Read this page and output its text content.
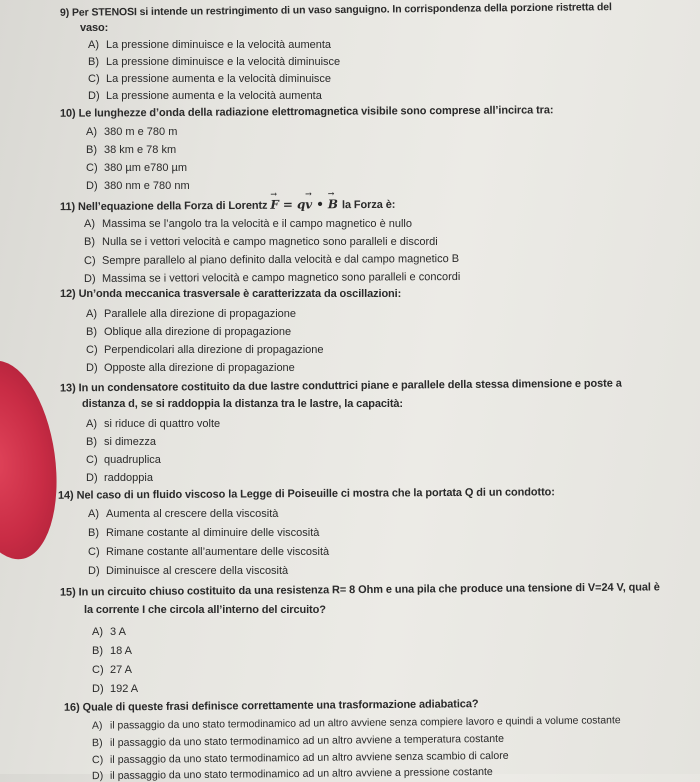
9) Per STENOSI si intende un restringimento di un vaso sanguigno. In corrispondenza della porzione ristretta del
vaso:
A) La pressione diminuisce e la velocità aumenta
B) La pressione diminuisce e la velocità diminuisce
C) La pressione aumenta e la velocità diminuisce
D) La pressione aumenta e la velocità aumenta
10) Le lunghezze d’onda della radiazione elettromagnetica visibile sono comprese all’incirca tra:
A) 380 m e 780 m
B) 38 km e 78 km
C) 380 µm e780 µm
D) 380 nm e 780 nm
11) Nell’equazione della Forza di Lorentz → F = q→ v • → B la Forza è:
A) Massima se l’angolo tra la velocità e il campo magnetico è nullo
B) Nulla se i vettori velocità e campo magnetico sono paralleli e discordi
C) Sempre parallelo al piano definito dalla velocità e dal campo magnetico B
D) Massima se i vettori velocità e campo magnetico sono paralleli e concordi
12) Un’onda meccanica trasversale è caratterizzata da oscillazioni:
A) Parallele alla direzione di propagazione
B) Oblique alla direzione di propagazione
C) Perpendicolari alla direzione di propagazione
D) Opposte alla direzione di propagazione
13) In un condensatore costituito da due lastre conduttrici piane e parallele della stessa dimensione e poste a
distanza d, se si raddoppia la distanza tra le lastre, la capacità:
A) si riduce di quattro volte
B) si dimezza
C) quadruplica
D) raddoppia
14) Nel caso di un fluido viscoso la Legge di Poiseuille ci mostra che la portata Q di un condotto:
A) Aumenta al crescere della viscosità
B) Rimane costante al diminuire delle viscosità
C) Rimane costante all’aumentare delle viscosità
D) Diminuisce al crescere della viscosità
15) In un circuito chiuso costituito da una resistenza R= 8 Ohm e una pila che produce una tensione di V=24 V, qual è
la corrente I che circola all’interno del circuito?
A) 3 A
B) 18 A
C) 27 A
D) 192 A
16) Quale di queste frasi definisce correttamente una trasformazione adiabatica?
A) il passaggio da uno stato termodinamico ad un altro avviene senza compiere lavoro e quindi a volume costante
B) il passaggio da uno stato termodinamico ad un altro avviene a temperatura costante
C) il passaggio da uno stato termodinamico ad un altro avviene senza scambio di calore
D) il passaggio da uno stato termodinamico ad un altro avviene a pressione costante
